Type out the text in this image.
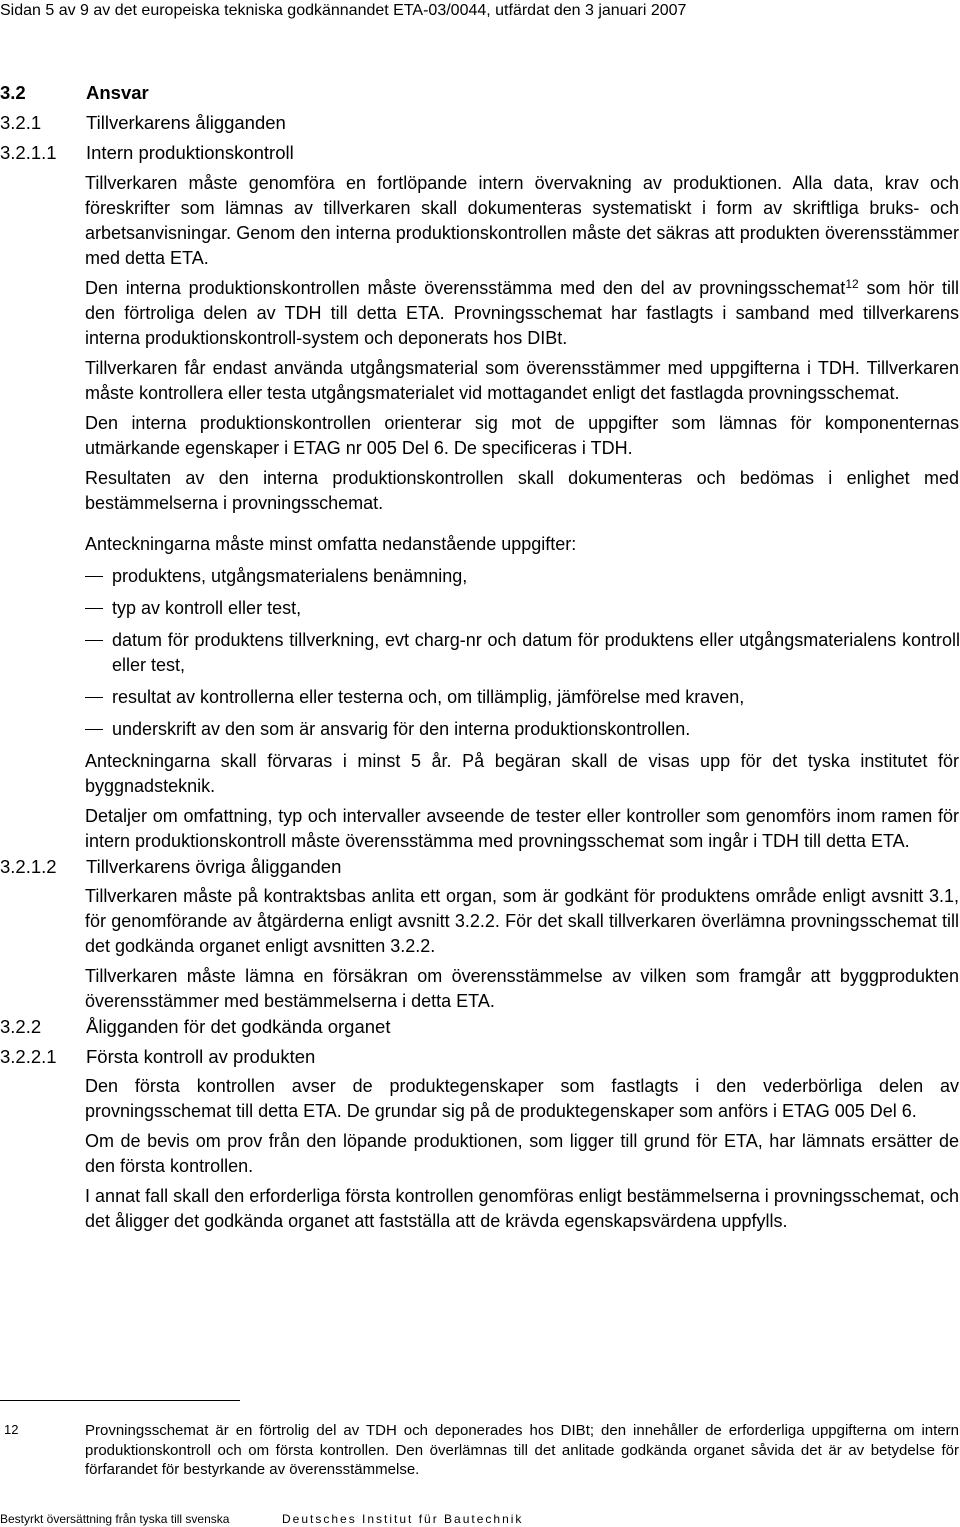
Sidan 5 av 9 av det europeiska tekniska godkännandet ETA-03/0044, utfärdat den 3 januari 2007
3.2	Ansvar
3.2.1 Tillverkarens åligganden
3.2.1.1 Intern produktionskontroll

Tillverkaren måste genomföra en fortlöpande intern övervakning av produktionen. Alla data, krav och föreskrifter som lämnas av tillverkaren skall dokumenteras systematiskt i form av skriftliga bruks- och arbetsanvisningar. Genom den interna produktionskontrollen måste det säkras att produkten överensstämmer med detta ETA.

Den interna produktionskontrollen måste överensstämma med den del av provningsschemat$^{12}$ som hör till den förtroliga delen av TDH till detta ETA. Provningsschemat har fastlagts i samband med tillverkarens interna produktionskontroll-system och deponerats hos DIBt.

Tillverkaren får endast använda utgångsmaterial som överensstämmer med uppgifterna i TDH. Tillverkaren måste kontrollera eller testa utgångsmaterialet vid mottagandet enligt det fastlagda provningsschemat.

Den interna produktionskontrollen orienterar sig mot de uppgifter som lämnas för komponenternas utmärkande egenskaper i ETAG nr 005 Del 6. De specificeras i TDH.

Resultaten av den interna produktionskontrollen skall dokumenteras och bedömas i enlighet med bestämmelserna i provningsschemat.

Anteckningarna måste minst omfatta nedanstående uppgifter:

produktens, utgångsmaterialens benämning,
typ av kontroll eller test,
datum för produktens tillverkning, evt charg-nr och datum för produktens eller utgångsmaterialens kontroll eller test,
resultat av kontrollerna eller testerna och, om tillämplig, jämförelse med kraven,
underskrift av den som är ansvarig för den interna produktionskontrollen.

Anteckningarna skall förvaras i minst 5 år. På begäran skall de visas upp för det tyska institutet för byggnadsteknik.

Detaljer om omfattning, typ och intervaller avseende de tester eller kontroller som genomförs inom ramen för intern produktionskontroll måste överensstämma med provningsschemat som ingår i TDH till detta ETA.

3.2.1.2 Tillverkarens övriga åligganden

Tillverkaren måste på kontraktsbas anlita ett organ, som är godkänt för produktens område enligt avsnitt 3.1, för genomförande av åtgärderna enligt avsnitt 3.2.2. För det skall tillverkaren överlämna provningsschemat till det godkända organet enligt avsnitten 3.2.2.

Tillverkaren måste lämna en försäkran om överensstämmelse av vilken som framgår att byggprodukten överensstämmer med bestämmelserna i detta ETA.

3.2.2 Åligganden för det godkända organet
3.2.2.1 Första kontroll av produkten

Den första kontrollen avser de produktegenskaper som fastlagts i den vederbörliga delen av provningsschemat till detta ETA. De grundar sig på de produktegenskaper som anförs i ETAG 005 Del 6.

Om de bevis om prov från den löpande produktionen, som ligger till grund för ETA, har lämnats ersätter de den första kontrollen.

I annat fall skall den erforderliga första kontrollen genomföras enligt bestämmelserna i provningsschemat, och det åligger det godkända organet att fastställa att de krävda egenskapsvärdena uppfylls.

12	Provningsschemat är en förtrolig del av TDH och deponerades hos DIBt; den innehåller de erforderliga uppgifterna om intern produktionskontroll och om första kontrollen. Den överlämnas till det anlitade godkända organet såvida det är av betydelse för förfarandet för bestyrkande av överensstämmelse.
Bestyrkt översättning från tyska till svenska	Deutsches Institut für Bautechnik
